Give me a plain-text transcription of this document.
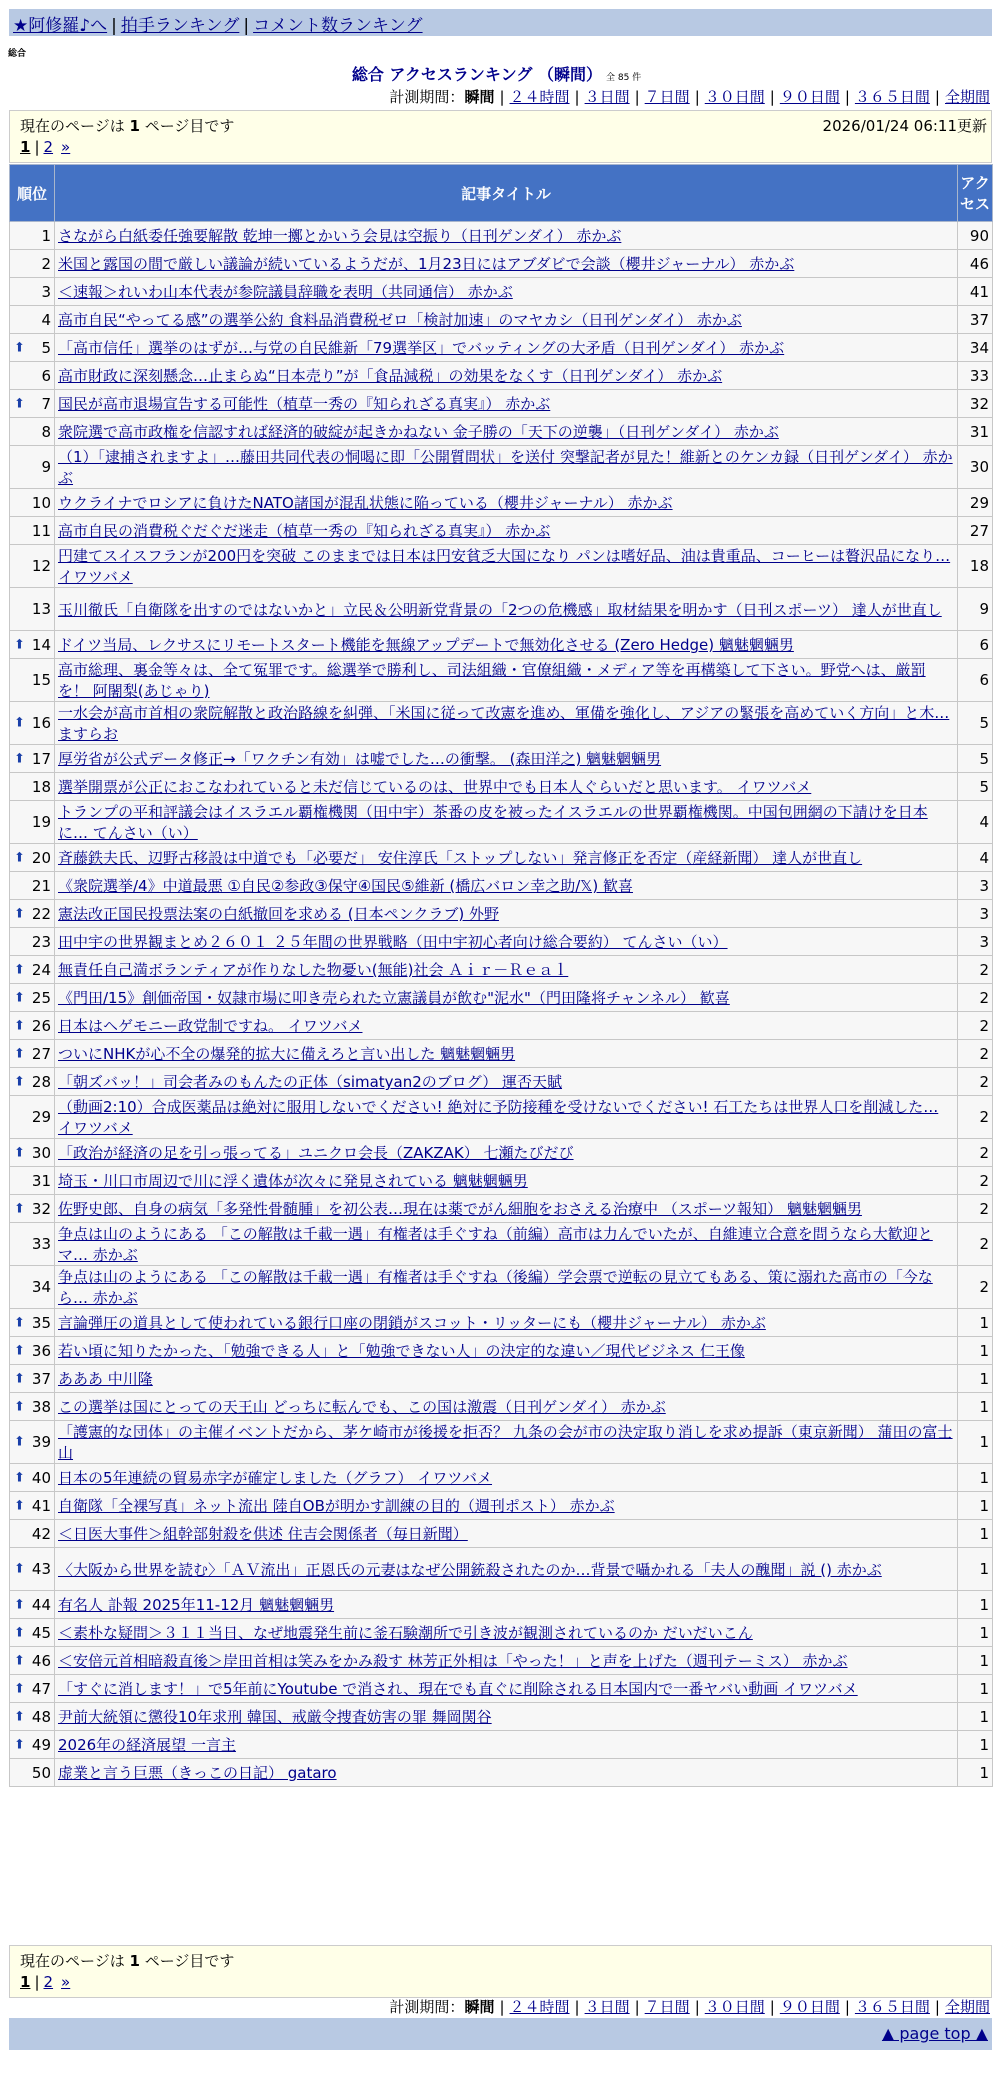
★阿修羅♪へ | 拍手ランキング | コメント数ランキング
総合
総合 アクセスランキング （瞬間） 全 85 件
計測期間：瞬間 | ２４時間 | ３日間 | ７日間 | ３０日間 | ９０日間 | ３６５日間 | 全期間
現在のページは 1 ページ目です	2026/01/24 06:11更新
1 | 2 »
順位	記事タイトル	アクセス
1	さながら白紙委任強要解散 乾坤一擲とかいう会見は空振り（日刊ゲンダイ） 赤かぶ	90
2	米国と露国の間で厳しい議論が続いているようだが、1月23日にはアブダビで会談（櫻井ジャーナル） 赤かぶ	46
3	＜速報＞れいわ山本代表が参院議員辞職を表明（共同通信） 赤かぶ	41
4	高市自民“やってる感”の選挙公約 食料品消費税ゼロ「検討加速」のマヤカシ（日刊ゲンダイ） 赤かぶ	37

⬆ 5	「高市信任」選挙のはずが…与党の自民維新「79選挙区」でバッティングの大矛盾（日刊ゲンダイ） 赤かぶ	34
6	高市財政に深刻懸念…止まらぬ“日本売り”が「食品減税」の効果をなくす（日刊ゲンダイ） 赤かぶ	33

⬆ 7	国民が高市退場宣告する可能性（植草一秀の『知られざる真実』） 赤かぶ	32
8	衆院選で高市政権を信認すれば経済的破綻が起きかねない 金子勝の「天下の逆襲」（日刊ゲンダイ） 赤かぶ	31
9	（1）「逮捕されますよ」…藤田共同代表の恫喝に即「公開質問状」を送付 突撃記者が見た！維新とのケンカ録（日刊ゲンダイ） 赤かぶ	30
10	ウクライナでロシアに負けたNATO諸国が混乱状態に陥っている（櫻井ジャーナル） 赤かぶ	29
11	高市自民の消費税ぐだぐだ迷走（植草一秀の『知られざる真実』） 赤かぶ	27
12	円建てスイスフランが200円を突破 このままでは日本は円安貧乏大国になり パンは嗜好品、油は貴重品、コーヒーは贅沢品になり… イワツバメ	18
13	玉川徹氏「自衛隊を出すのではないかと」立民＆公明新党背景の「2つの危機感」取材結果を明かす（日刊スポーツ） 達人が世直し	9

⬆ 14	ドイツ当局、レクサスにリモートスタート機能を無線アップデートで無効化させる (Zero Hedge) 魑魅魍魎男	6
15	高市総理、裏金等々は、全て冤罪です。総選挙で勝利し、司法組織・官僚組織・メディア等を再構築して下さい。野党へは、厳罰を！ 阿闍梨(あじゃり)	6

⬆ 16	一水会が高市首相の衆院解散と政治路線を糾弾、「米国に従って改憲を進め、軍備を強化し、アジアの緊張を高めていく方向」と木… ますらお	5

⬆ 17	厚労省が公式データ修正→「ワクチン有効」は嘘でした…の衝撃。 (森田洋之) 魑魅魍魎男	5
18	選挙開票が公正におこなわれていると未だ信じているのは、世界中でも日本人ぐらいだと思います。 イワツバメ	5
19	トランプの平和評議会はイスラエル覇権機関（田中宇）茶番の皮を被ったイスラエルの世界覇権機関。中国包囲網の下請けを日本に… てんさい（い）	4

⬆ 20	斉藤鉄夫氏、辺野古移設は中道でも「必要だ」 安住淳氏「ストップしない」発言修正を否定（産経新聞） 達人が世直し	4
21	《衆院選挙/4》中道最悪 ①自民②参政③保守④国民⑤維新 (橋広バロン幸之助/𝕏) 歓喜	3

⬆ 22	憲法改正国民投票法案の白紙撤回を求める (日本ペンクラブ) 外野	3
23	田中宇の世界観まとめ２６０１ ２５年間の世界戦略（田中宇初心者向け総合要約） てんさい（い）	3

⬆ 24	無責任自己満ボランティアが作りなした物憂い(無能)社会 Ａｉｒ－Ｒｅａｌ	2

⬆ 25	《門田/15》創価帝国・奴隷市場に叩き売られた立憲議員が飲む"泥水"（門田隆将チャンネル） 歓喜	2

⬆ 26	日本はヘゲモニー政党制ですね。 イワツバメ	2

⬆ 27	ついにNHKが心不全の爆発的拡大に備えろと言い出した 魑魅魍魎男	2

⬆ 28	「朝ズバッ！」司会者みのもんたの正体（simatyan2のブログ） 運否天賦	2
29	（動画2:10）合成医薬品は絶対に服用しないでください! 絶対に予防接種を受けないでください! 石工たちは世界人口を削減した… イワツバメ	2

⬆ 30	「政治が経済の足を引っ張ってる」ユニクロ会長（ZAKZAK） 七瀬たびだび	2
31	埼玉・川口市周辺で川に浮く遺体が次々に発見されている 魑魅魍魎男	2

⬆ 32	佐野史郎、自身の病気「多発性骨髄腫」を初公表…現在は薬でがん細胞をおさえる治療中 （スポーツ報知） 魑魅魍魎男	2
33	争点は山のようにある 「この解散は千載一遇」有権者は手ぐすね（前編）高市は力んでいたが、自維連立合意を問うなら大歓迎とマ… 赤かぶ	2
34	争点は山のようにある 「この解散は千載一遇」有権者は手ぐすね（後編）学会票で逆転の見立てもある、策に溺れた高市の「今なら… 赤かぶ	2

⬆ 35	言論弾圧の道具として使われている銀行口座の閉鎖がスコット・リッターにも（櫻井ジャーナル） 赤かぶ	1

⬆ 36	若い頃に知りたかった、「勉強できる人」と「勉強できない人」の決定的な違い／現代ビジネス 仁王像	1

⬆ 37	あああ 中川隆	1

⬆ 38	この選挙は国にとっての天王山 どっちに転んでも、この国は激震（日刊ゲンダイ） 赤かぶ	1

⬆ 39	「護憲的な団体」の主催イベントだから、茅ケ崎市が後援を拒否？ 九条の会が市の決定取り消しを求め提訴（東京新聞） 蒲田の富士山	1

⬆ 40	日本の5年連続の貿易赤字が確定しました（グラフ） イワツバメ	1

⬆ 41	自衛隊「全裸写真」ネット流出 陸自OBが明かす訓練の目的（週刊ポスト） 赤かぶ	1
42	＜日医大事件＞組幹部射殺を供述 住吉会関係者（毎日新聞）	1

⬆ 43	〈大阪から世界を読む〉「ＡＶ流出」正恩氏の元妻はなぜ公開銃殺されたのか…背景で囁かれる「夫人の醜聞」説 () 赤かぶ	1

⬆ 44	有名人 訃報 2025年11-12月 魑魅魍魎男	1

⬆ 45	＜素朴な疑問＞３１１当日、なぜ地震発生前に釜石験潮所で引き波が観測されているのか だいだいこん	1

⬆ 46	＜安倍元首相暗殺直後＞岸田首相は笑みをかみ殺す 林芳正外相は「やった！」と声を上げた（週刊テーミス） 赤かぶ	1

⬆ 47	「すぐに消します！」で5年前にYoutube で消され、現在でも直ぐに削除される日本国内で一番ヤバい動画 イワツバメ	1

⬆ 48	尹前大統領に懲役10年求刑 韓国、戒厳令捜査妨害の罪 舞岡関谷	1

⬆ 49	2026年の経済展望 一言主	1
50	虚業と言う巨悪（きっこの日記） gataro	1
現在のページは 1 ページ目です
1 | 2 »
計測期間：瞬間 | ２４時間 | ３日間 | ７日間 | ３０日間 | ９０日間 | ３６５日間 | 全期間
▲ page top ▲
